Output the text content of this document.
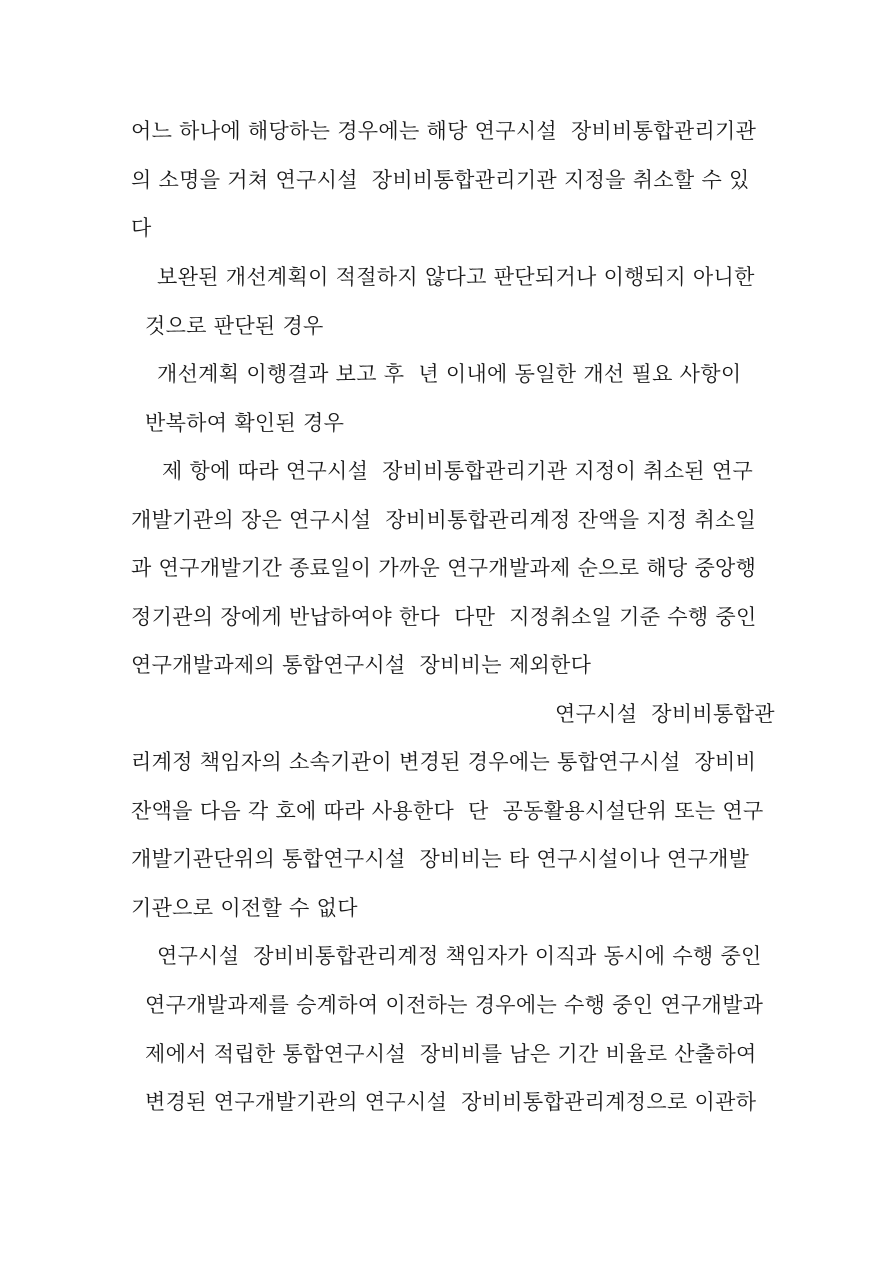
어느 하나에 해당하는 경우에는 해당 연구시설  장비비통합관리기관
의 소명을 거쳐 연구시설  장비비통합관리기관 지정을 취소할 수 있
다
보완된 개선계획이 적절하지 않다고 판단되거나 이행되지 아니한
것으로 판단된 경우
개선계획 이행결과 보고 후  년 이내에 동일한 개선 필요 사항이
반복하여 확인된 경우
제 항에 따라 연구시설  장비비통합관리기관 지정이 취소된 연구
개발기관의 장은 연구시설  장비비통합관리계정 잔액을 지정 취소일
과 연구개발기간 종료일이 가까운 연구개발과제 순으로 해당 중앙행
정기관의 장에게 반납하여야 한다  다만  지정취소일 기준 수행 중인
연구개발과제의 통합연구시설  장비비는 제외한다
연구시설  장비비통합관
리계정 책임자의 소속기관이 변경된 경우에는 통합연구시설  장비비
잔액을 다음 각 호에 따라 사용한다  단  공동활용시설단위 또는 연구
개발기관단위의 통합연구시설  장비비는 타 연구시설이나 연구개발
기관으로 이전할 수 없다
연구시설  장비비통합관리계정 책임자가 이직과 동시에 수행 중인
연구개발과제를 승계하여 이전하는 경우에는 수행 중인 연구개발과
제에서 적립한 통합연구시설  장비비를 남은 기간 비율로 산출하여
변경된 연구개발기관의 연구시설  장비비통합관리계정으로 이관하
